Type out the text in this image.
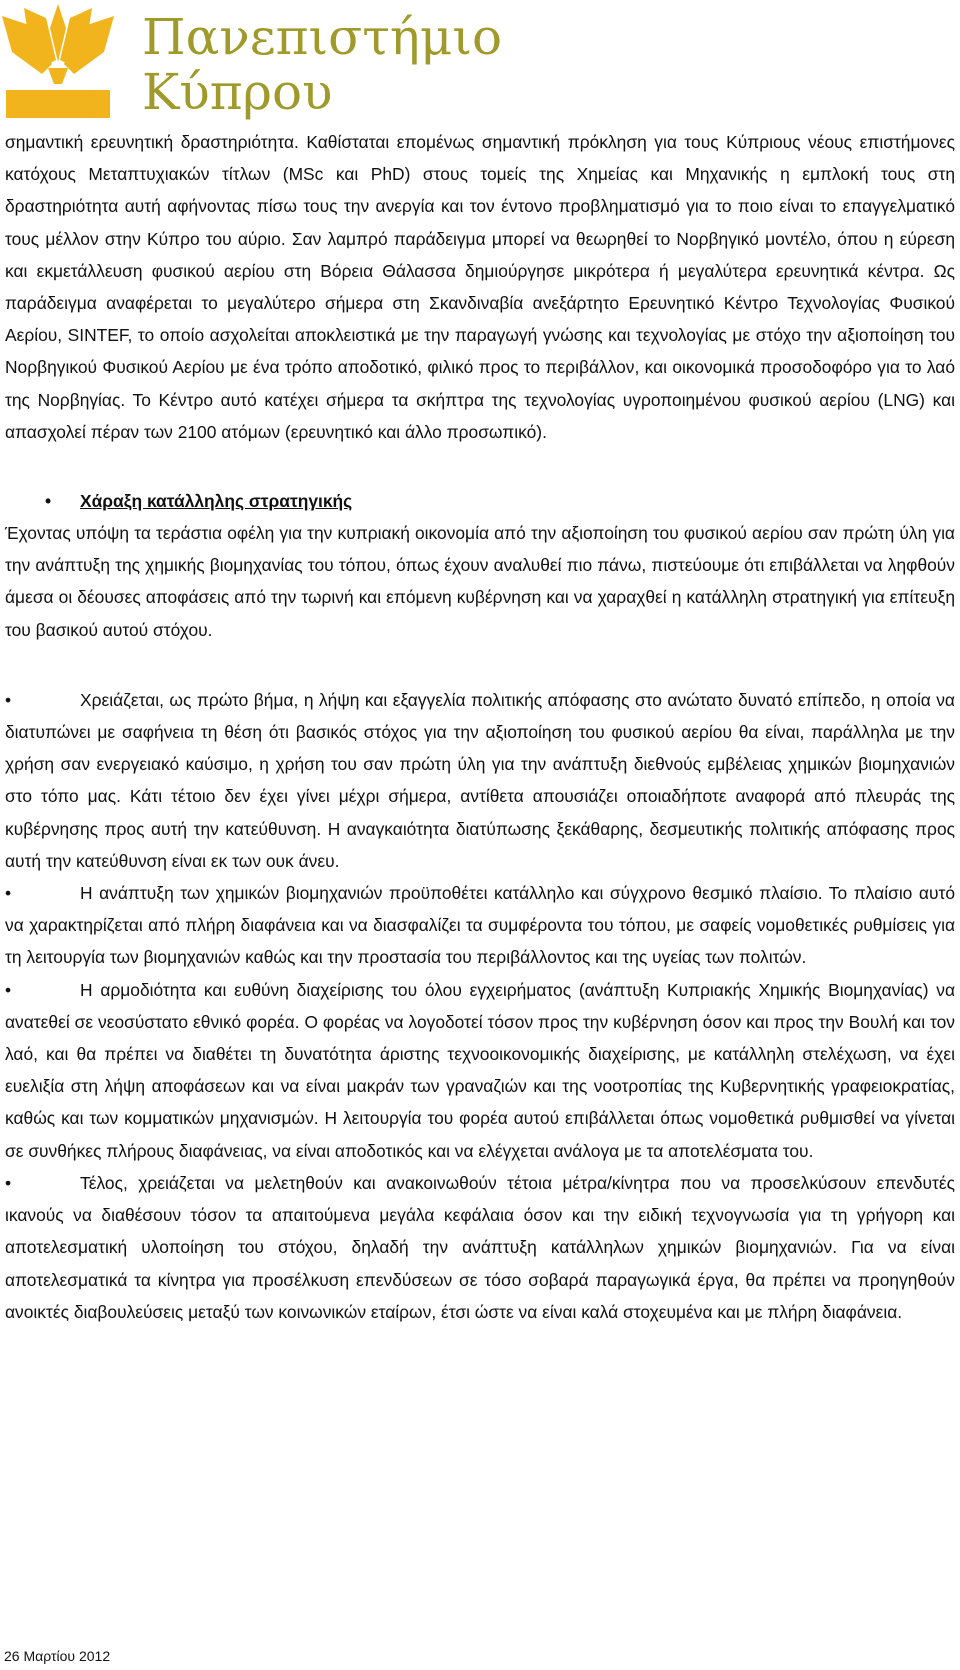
Πανεπιστήμιο
Κύπρου

σημαντική ερευνητική δραστηριότητα. Καθίσταται επομένως σημαντική πρόκληση για τους Κύπριους νέους επιστήμονες κατόχους Μεταπτυχιακών τίτλων (MSc και PhD) στους τομείς της Χημείας και Μηχανικής η εμπλοκή τους στη δραστηριότητα αυτή αφήνοντας πίσω τους την ανεργία και τον έντονο προβληματισμό για το ποιο είναι το επαγγελματικό τους μέλλον στην Κύπρο του αύριο. Σαν λαμπρό παράδειγμα μπορεί να θεωρηθεί το Νορβηγικό μοντέλο, όπου η εύρεση και εκμετάλλευση φυσικού αερίου στη Βόρεια Θάλασσα δημιούργησε μικρότερα ή μεγαλύτερα ερευνητικά κέντρα. Ως παράδειγμα αναφέρεται το μεγαλύτερο σήμερα στη Σκανδιναβία ανεξάρτητο Ερευνητικό Κέντρο Τεχνολογίας Φυσικού Αερίου, SINTEF, το οποίο ασχολείται αποκλειστικά με την παραγωγή γνώσης και τεχνολογίας με στόχο την αξιοποίηση του Νορβηγικού Φυσικού Αερίου με ένα τρόπο αποδοτικό, φιλικό προς το περιβάλλον, και οικονομικά προσοδοφόρο για το λαό της Νορβηγίας. Το Κέντρο αυτό κατέχει σήμερα τα σκήπτρα της τεχνολογίας υγροποιημένου φυσικού αερίου (LNG) και απασχολεί πέραν των 2100 ατόμων (ερευνητικό και άλλο προσωπικό).

• Χάραξη κατάλληλης στρατηγικής

Έχοντας υπόψη τα τεράστια οφέλη για την κυπριακή οικονομία από την αξιοποίηση του φυσικού αερίου σαν πρώτη ύλη για την ανάπτυξη της χημικής βιομηχανίας του τόπου, όπως έχουν αναλυθεί πιο πάνω, πιστεύουμε ότι επιβάλλεται να ληφθούν άμεσα οι δέουσες αποφάσεις από την τωρινή και επόμενη κυβέρνηση και να χαραχθεί η κατάλληλη στρατηγική για επίτευξη του βασικού αυτού στόχου.

•	Χρειάζεται, ως πρώτο βήμα, η λήψη και εξαγγελία πολιτικής απόφασης στο ανώτατο δυνατό επίπεδο, η οποία να διατυπώνει με σαφήνεια τη θέση ότι βασικός στόχος για την αξιοποίηση του φυσικού αερίου θα είναι, παράλληλα με την χρήση σαν ενεργειακό καύσιμο, η χρήση του σαν πρώτη ύλη για την ανάπτυξη διεθνούς εμβέλειας χημικών βιομηχανιών στο τόπο μας. Κάτι τέτοιο δεν έχει γίνει μέχρι σήμερα, αντίθετα απουσιάζει οποιαδήποτε αναφορά από πλευράς της κυβέρνησης προς αυτή την κατεύθυνση. Η αναγκαιότητα διατύπωσης ξεκάθαρης, δεσμευτικής πολιτικής απόφασης προς αυτή την κατεύθυνση είναι εκ των ουκ άνευ.

•	Η ανάπτυξη των χημικών βιομηχανιών προϋποθέτει κατάλληλο και σύγχρονο θεσμικό πλαίσιο. Το πλαίσιο αυτό να χαρακτηρίζεται από πλήρη διαφάνεια και να διασφαλίζει τα συμφέροντα του τόπου, με σαφείς νομοθετικές ρυθμίσεις για τη λειτουργία των βιομηχανιών καθώς και την προστασία του περιβάλλοντος και της υγείας των πολιτών.

•	Η αρμοδιότητα και ευθύνη διαχείρισης του όλου εγχειρήματος (ανάπτυξη Κυπριακής Χημικής Βιομηχανίας) να ανατεθεί σε νεοσύστατο εθνικό φορέα. Ο φορέας να λογοδοτεί τόσον προς την κυβέρνηση όσον και προς την Βουλή και τον λαό, και θα πρέπει να διαθέτει τη δυνατότητα άριστης τεχνοοικονομικής διαχείρισης, με κατάλληλη στελέχωση, να έχει ευελιξία στη λήψη αποφάσεων και να είναι μακράν των γραναζιών και της νοοτροπίας της Κυβερνητικής γραφειοκρατίας, καθώς και των κομματικών μηχανισμών. Η λειτουργία του φορέα αυτού επιβάλλεται όπως νομοθετικά ρυθμισθεί να γίνεται σε συνθήκες πλήρους διαφάνειας, να είναι αποδοτικός και να ελέγχεται ανάλογα με τα αποτελέσματα του.

•	Τέλος, χρειάζεται να μελετηθούν και ανακοινωθούν τέτοια μέτρα/κίνητρα που να προσελκύσουν επενδυτές ικανούς να διαθέσουν τόσον τα απαιτούμενα μεγάλα κεφάλαια όσον και την ειδική τεχνογνωσία για τη γρήγορη και αποτελεσματική υλοποίηση του στόχου, δηλαδή την ανάπτυξη κατάλληλων χημικών βιομηχανιών. Για να είναι αποτελεσματικά τα κίνητρα για προσέλκυση επενδύσεων σε τόσο σοβαρά παραγωγικά έργα, θα πρέπει να προηγηθούν ανοικτές διαβουλεύσεις μεταξύ των κοινωνικών εταίρων, έτσι ώστε να είναι καλά στοχευμένα και με πλήρη διαφάνεια.

26 Μαρτίου 2012
